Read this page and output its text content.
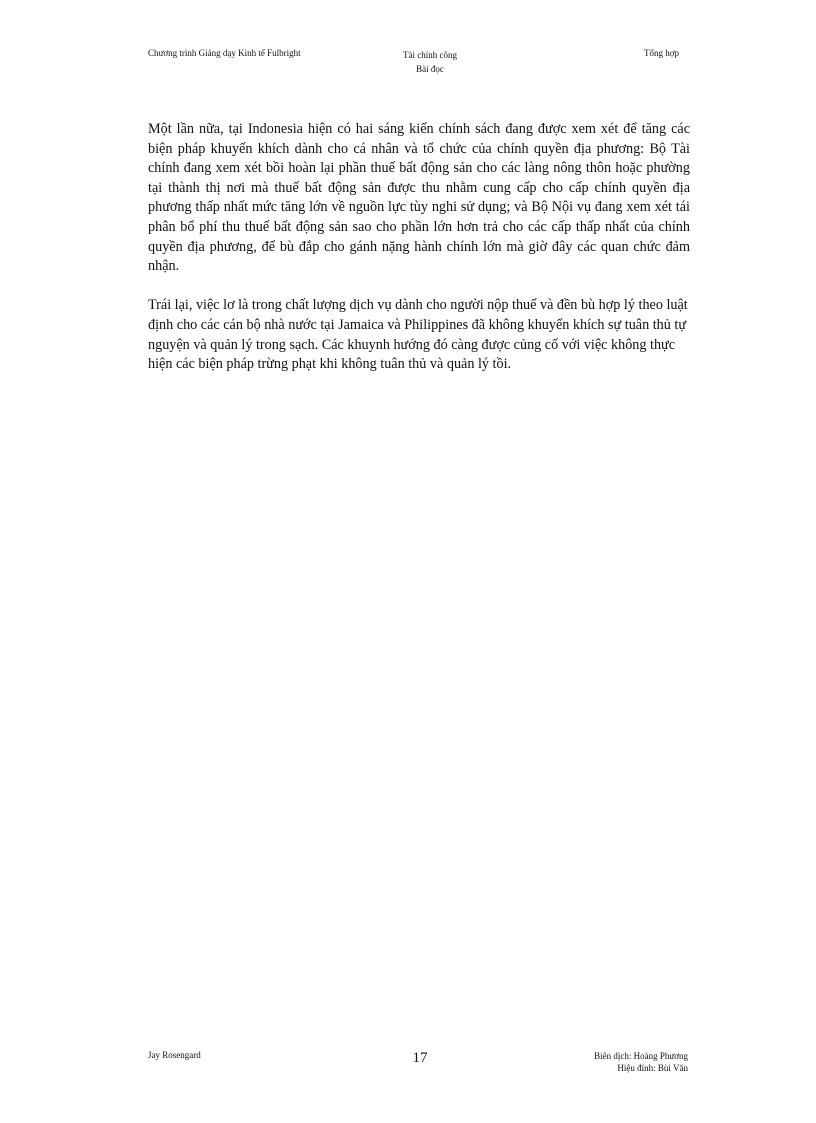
Chương trình Giảng dạy Kinh tế Fulbright	Tài chính công
Bài đọc
Tổng hợp

Một lần nữa, tại Indonesia hiện có hai sáng kiến chính sách đang được xem xét để tăng các biện pháp khuyến khích dành cho cá nhân và tổ chức của chính quyền địa phương: Bộ Tài chính đang xem xét bồi hoàn lại phần thuế bất động sản cho các làng nông thôn hoặc phường tại thành thị nơi mà thuế bất động sản được thu nhằm cung cấp cho cấp chính quyền địa phương thấp nhất mức tăng lớn về nguồn lực tùy nghi sử dụng; và Bộ Nội vụ đang xem xét tái phân bổ phí thu thuế bất động sản sao cho phần lớn hơn trả cho các cấp thấp nhất của chính quyền địa phương, để bù đắp cho gánh nặng hành chính lớn mà giờ đây các quan chức đảm nhận.

Trái lại, việc lơ là trong chất lượng dịch vụ dành cho người nộp thuế và đền bù hợp lý theo luật định cho các cán bộ nhà nước tại Jamaica và Philippines đã không khuyến khích sự tuân thủ tự nguyện và quản lý trong sạch. Các khuynh hướng đó càng được củng cố với việc không thực hiện các biện pháp trừng phạt khi không tuân thủ và quản lý tồi.

Jay Rosengard	17	Biên dịch: Hoàng Phương
Hiệu đính: Bùi Văn
